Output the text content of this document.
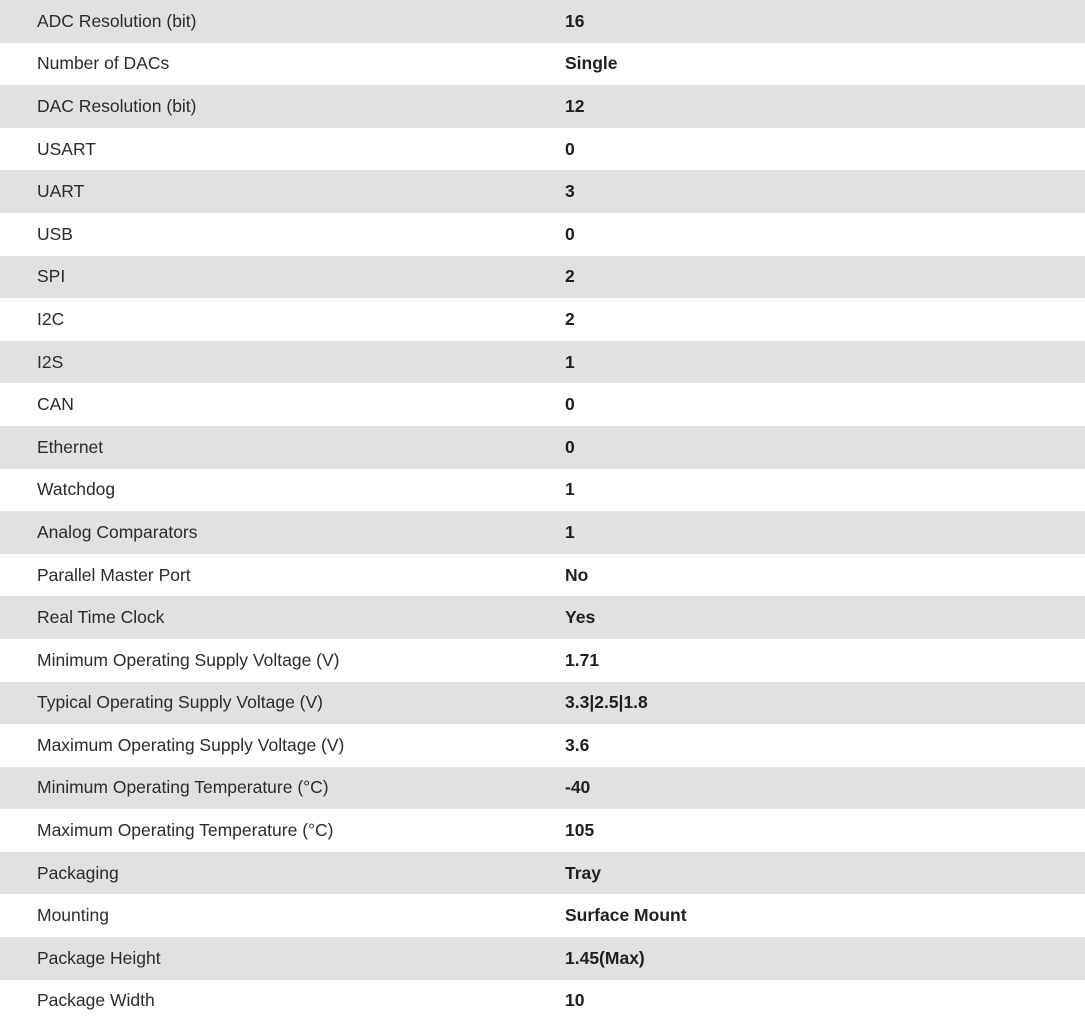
ADC Resolution (bit)	16
Number of DACs	Single
DAC Resolution (bit)	12
USART	0
UART	3
USB	0
SPI	2
I2C	2
I2S	1
CAN	0
Ethernet	0
Watchdog	1
Analog Comparators	1
Parallel Master Port	No
Real Time Clock	Yes
Minimum Operating Supply Voltage (V)	1.71
Typical Operating Supply Voltage (V)	3.3|2.5|1.8
Maximum Operating Supply Voltage (V)	3.6
Minimum Operating Temperature (°C)	-40
Maximum Operating Temperature (°C)	105
Packaging	Tray
Mounting	Surface Mount
Package Height	1.45(Max)
Package Width	10
